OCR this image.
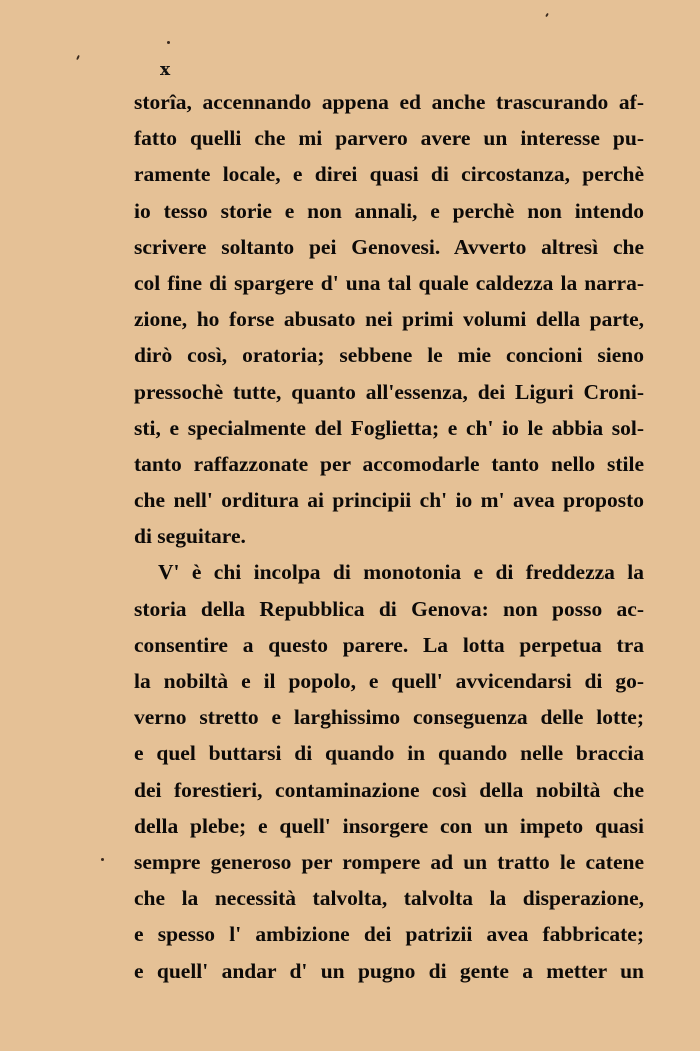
x
storîa, accennando appena ed anche trascurando af-
fatto quelli che mi parvero avere un interesse pu-
ramente locale, e direi quasi di circostanza, perchè
io tesso storie e non annali, e perchè non intendo
scrivere soltanto pei Genovesi. Avverto altresì che
col fine di spargere d' una tal quale caldezza la narra-
zione, ho forse abusato nei primi volumi della parte,
dirò così, oratoria; sebbene le mie concioni sieno
pressochè tutte, quanto all'essenza, dei Liguri Croni-
sti, e specialmente del Foglietta; e ch' io le abbia sol-
tanto raffazzonate per accomodarle tanto nello stile
che nell' orditura ai principii ch' io m' avea proposto
di seguitare.
V' è chi incolpa di monotonia e di freddezza la
storia della Repubblica di Genova: non posso ac-
consentire a questo parere. La lotta perpetua tra
la nobiltà e il popolo, e quell' avvicendarsi di go-
verno stretto e larghissimo conseguenza delle lotte;
e quel buttarsi di quando in quando nelle braccia
dei forestieri, contaminazione così della nobiltà che
della plebe; e quell' insorgere con un impeto quasi
sempre generoso per rompere ad un tratto le catene
che la necessità talvolta, talvolta la disperazione,
e spesso l' ambizione dei patrizii avea fabbricate;
e quell' andar d' un pugno di gente a metter un
